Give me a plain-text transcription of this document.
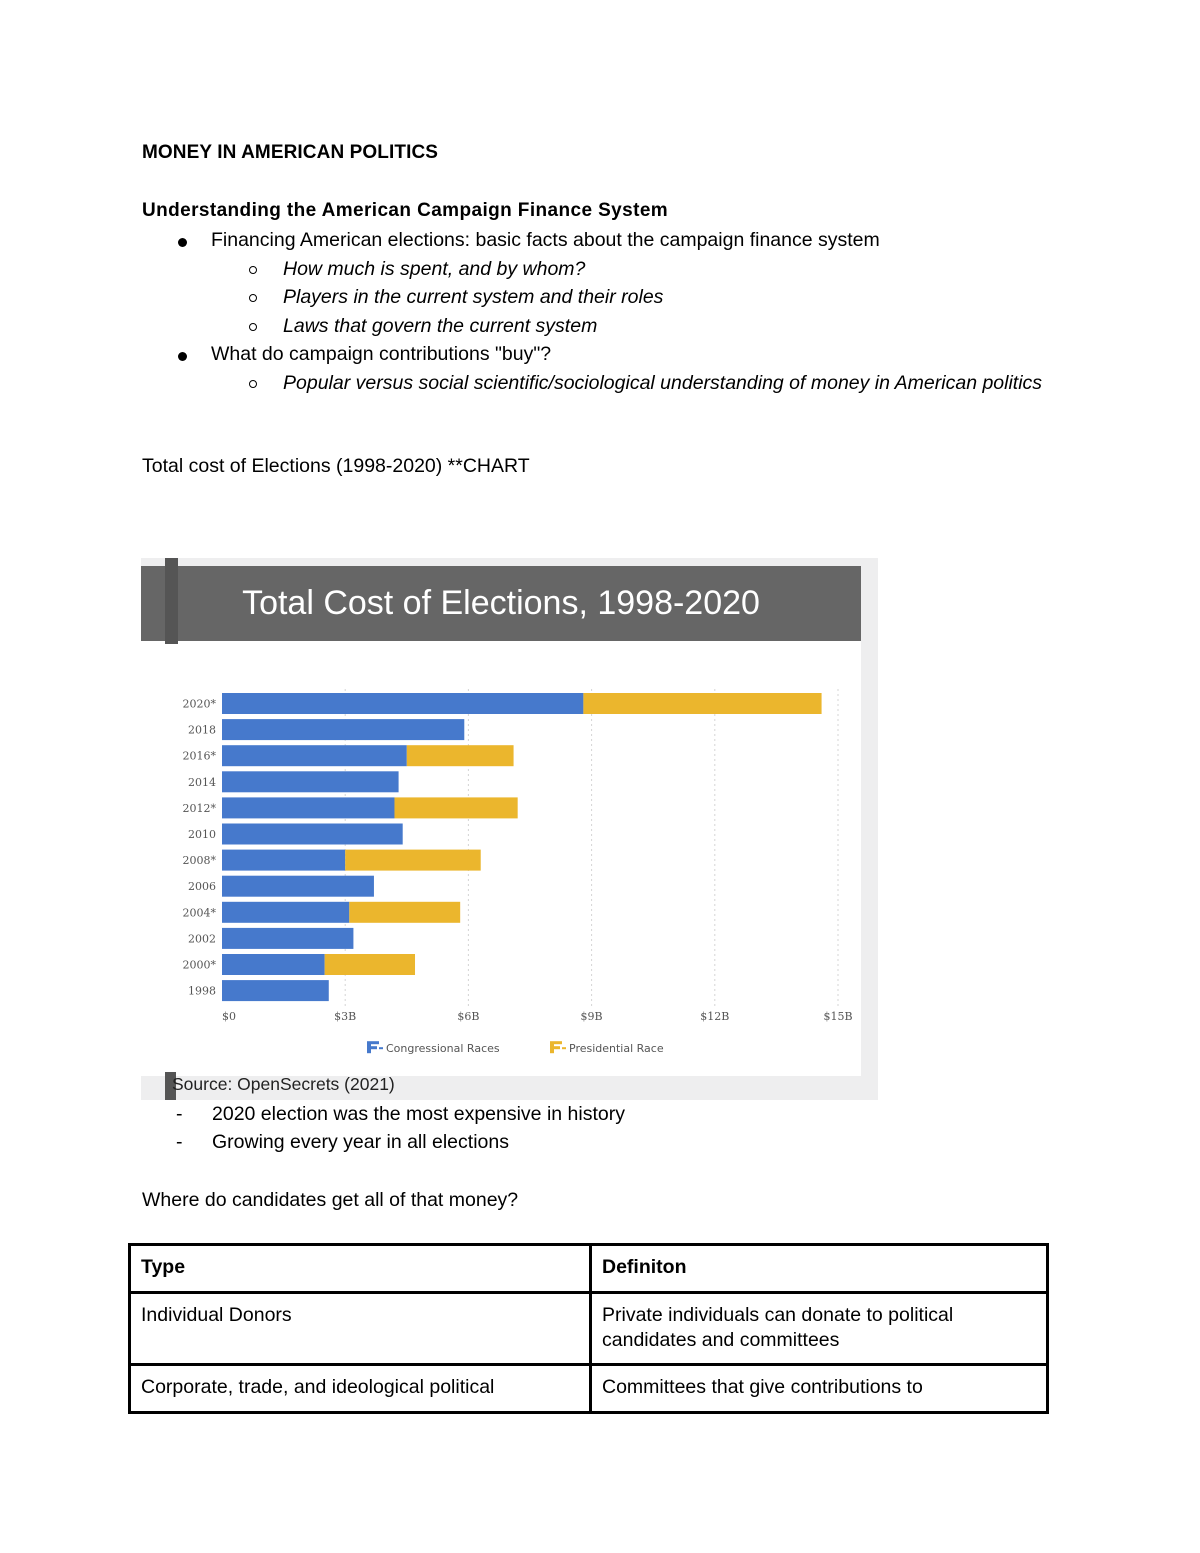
MONEY IN AMERICAN POLITICS
Understanding the American Campaign Finance System
Financing American elections: basic facts about the campaign finance system
How much is spent, and by whom?
Players in the current system and their roles
Laws that govern the current system
What do campaign contributions "buy"?
Popular versus social scientific/sociological understanding of money in American politics
Total cost of Elections (1998-2020) **CHART
Total Cost of Elections, 1998-2020
2020*
2018
2016*
2014
2012*
2010
2008*
2006
2004*
2002
2000*
1998
$0	$3B	$6B	$9B	$12B	$15B
Congressional Races	Presidential Race
Source: OpenSecrets (2021)
- 2020 election was the most expensive in history
- Growing every year in all elections
Where do candidates get all of that money?
Type	Definiton
Individual Donors	Private individuals can donate to political candidates and committees
Corporate, trade, and ideological political	Committees that give contributions to
